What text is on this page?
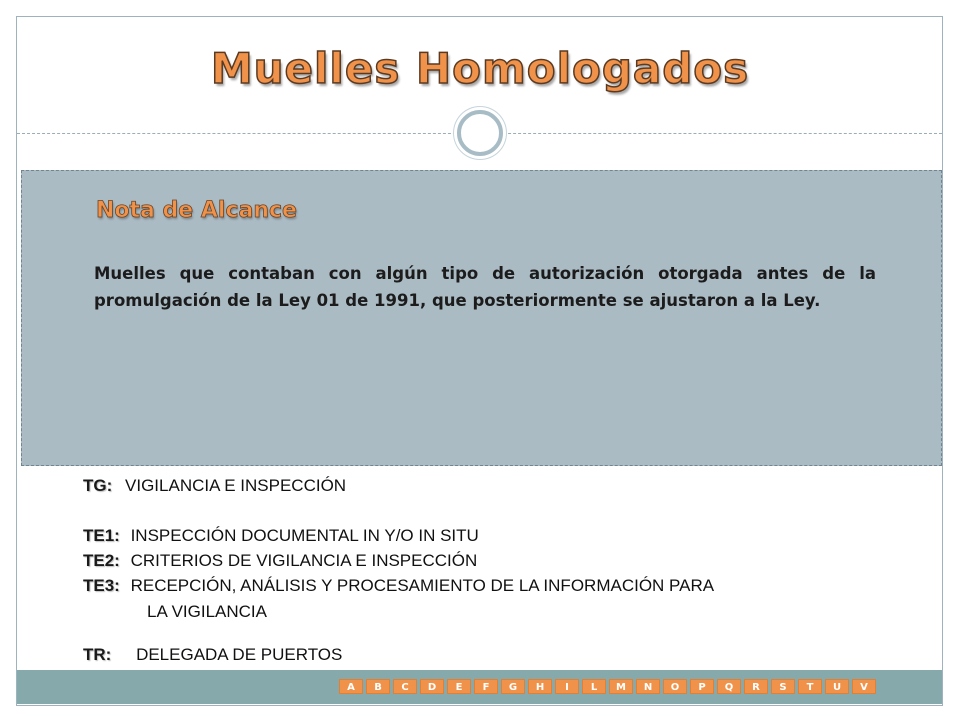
Muelles Homologados
Nota de Alcance
Muelles que contaban con algún tipo de autorización otorgada antes de la promulgación de la Ley 01 de 1991, que posteriormente se ajustaron a la Ley.
TG: VIGILANCIA E INSPECCIÓN
TE1: INSPECCIÓN DOCUMENTAL IN Y/O IN SITU
TE2: CRITERIOS DE VIGILANCIA E INSPECCIÓN
TE3: RECEPCIÓN, ANÁLISIS Y PROCESAMIENTO DE LA INFORMACIÓN PARA
LA VIGILANCIA
TR: DELEGADA DE PUERTOS
A	B	C	D	E	F	G	H	I	L	M	N	O	P	Q	R	S	T	U	V
